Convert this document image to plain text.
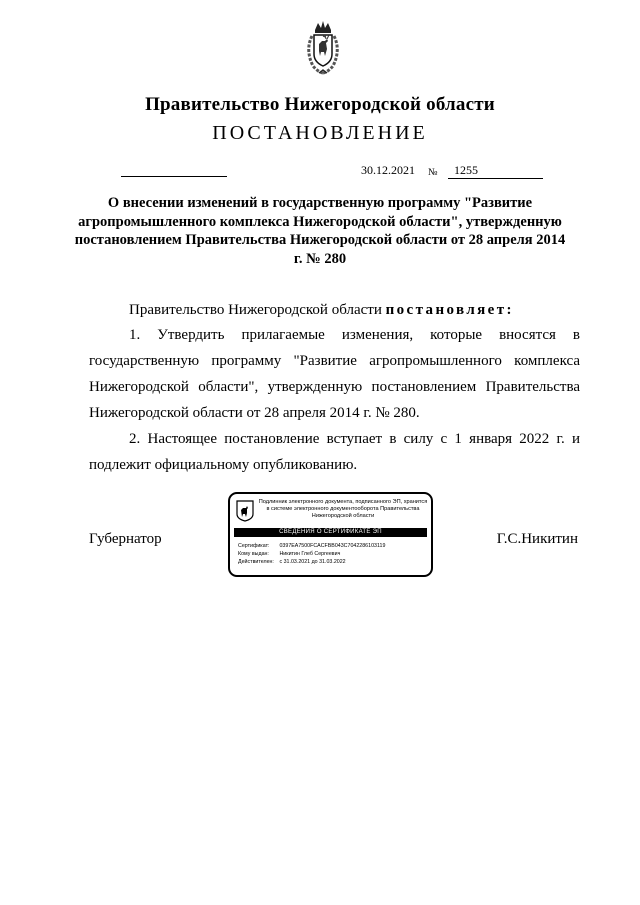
Правительство Нижегородской области
ПОСТАНОВЛЕНИЕ
30.12.2021 №	1255
О внесении изменений в государственную программу "Развитие агропромышленного комплекса Нижегородской области", утвержденную постановлением Правительства Нижегородской области от 28 апреля 2014 г. № 280
Правительство Нижегородской области постановляет:
1. Утвердить прилагаемые изменения, которые вносятся в государственную программу "Развитие агропромышленного комплекса Нижегородской области", утвержденную постановлением Правительства Нижегородской области от 28 апреля 2014 г. № 280.
2. Настоящее постановление вступает в силу с 1 января 2022 г. и подлежит официальному опубликованию.
Губернатор	Г.С.Никитин
Подлинник электронного документа, подписанного ЭП, хранится в системе электронного документооборота Правительства Нижегородской области
СВЕДЕНИЯ О СЕРТИФИКАТЕ ЭП
Сертификат: 0397EA7500FCACFBB043C7042286103119
Кому выдан: Никитин Глеб Сергеевич
Действителен: с 31.03.2021 до 31.03.2022
